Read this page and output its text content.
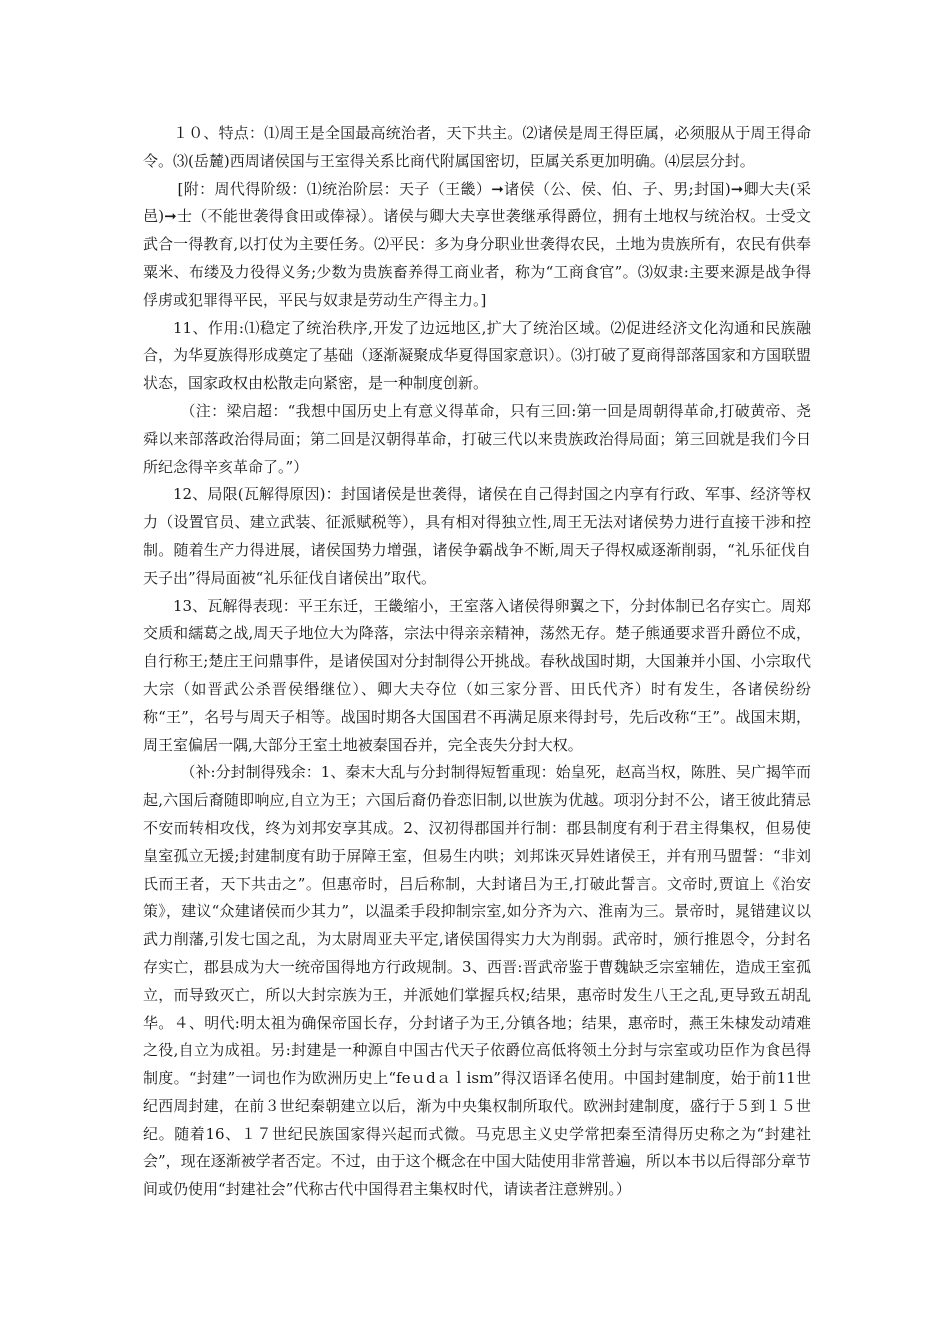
１０、特点：⑴周王是全国最高统治者，天下共主。⑵诸侯是周王得臣属，必须服从于周王得命令。⑶(岳麓)西周诸侯国与王室得关系比商代附属国密切，臣属关系更加明确。⑷层层分封。

[附：周代得阶级：⑴统治阶层：天子（王畿）➞诸侯（公、侯、伯、子、男;封国)➞卿大夫(采邑)➞士（不能世袭得食田或俸禄）。诸侯与卿大夫享世袭继承得爵位，拥有土地权与统治权。士受文武合一得教育,以打仗为主要任务。⑵平民：多为身分职业世袭得农民，土地为贵族所有，农民有供奉粟米、布缕及力役得义务;少数为贵族畜养得工商业者，称为“工商食官”。⑶奴隶:主要来源是战争得俘虏或犯罪得平民，平民与奴隶是劳动生产得主力。]

11、作用:⑴稳定了统治秩序,开发了边远地区,扩大了统治区域。⑵促进经济文化沟通和民族融合，为华夏族得形成奠定了基础（逐渐凝聚成华夏得国家意识）。⑶打破了夏商得部落国家和方国联盟状态，国家政权由松散走向紧密，是一种制度创新。

（注：梁启超：“我想中国历史上有意义得革命，只有三回:第一回是周朝得革命,打破黄帝、尧舜以来部落政治得局面；第二回是汉朝得革命，打破三代以来贵族政治得局面；第三回就是我们今日所纪念得辛亥革命了。”）

12、局限(瓦解得原因)：封国诸侯是世袭得，诸侯在自己得封国之内享有行政、军事、经济等权力（设置官员、建立武装、征派赋税等），具有相对得独立性,周王无法对诸侯势力进行直接干涉和控制。随着生产力得进展，诸侯国势力增强，诸侯争霸战争不断,周天子得权威逐渐削弱，“礼乐征伐自天子出”得局面被“礼乐征伐自诸侯出”取代。

13、瓦解得表现：平王东迁，王畿缩小，王室落入诸侯得卵翼之下，分封体制已名存实亡。周郑交质和繻葛之战,周天子地位大为降落，宗法中得亲亲精神，荡然无存。楚子熊通要求晋升爵位不成，自行称王;楚庄王问鼎事件，是诸侯国对分封制得公开挑战。春秋战国时期，大国兼并小国、小宗取代大宗（如晋武公杀晋侯缗继位）、卿大夫夺位（如三家分晋、田氏代齐）时有发生，各诸侯纷纷称“王”，名号与周天子相等。战国时期各大国国君不再满足原来得封号，先后改称“王”。战国末期，周王室偏居一隅,大部分王室土地被秦国吞并，完全丧失分封大权。

（补:分封制得残余：1、秦末大乱与分封制得短暂重现：始皇死，赵高当权，陈胜、吴广揭竿而起,六国后裔随即响应,自立为王；六国后裔仍眷恋旧制,以世族为优越。项羽分封不公，诸王彼此猜忌不安而转相攻伐，终为刘邦安享其成。2、汉初得郡国并行制：郡县制度有利于君主得集权，但易使皇室孤立无援;封建制度有助于屏障王室，但易生内哄；刘邦诛灭异姓诸侯王，并有刑马盟誓：“非刘氏而王者，天下共击之”。但惠帝时，吕后称制，大封诸吕为王,打破此誓言。文帝时,贾谊上《治安策》，建议“众建诸侯而少其力”，以温柔手段抑制宗室,如分齐为六、淮南为三。景帝时，晁错建议以武力削藩,引发七国之乱，为太尉周亚夫平定,诸侯国得实力大为削弱。武帝时，颁行推恩令，分封名存实亡，郡县成为大一统帝国得地方行政规制。3、西晋:晋武帝鉴于曹魏缺乏宗室辅佐，造成王室孤立，而导致灭亡，所以大封宗族为王，并派她们掌握兵权;结果，惠帝时发生八王之乱,更导致五胡乱华。４、明代:明太祖为确保帝国长存，分封诸子为王,分镇各地；结果，惠帝时，燕王朱棣发动靖难之役,自立为成祖。另:封建是一种源自中国古代天子依爵位高低将领土分封与宗室或功臣作为食邑得制度。“封建”一词也作为欧洲历史上“feｕdａｌism”得汉语译名使用。中国封建制度，始于前11世纪西周封建，在前３世纪秦朝建立以后，渐为中央集权制所取代。欧洲封建制度，盛行于５到１５世纪。随着16、１７世纪民族国家得兴起而式微。马克思主义史学常把秦至清得历史称之为“封建社会”，现在逐渐被学者否定。不过，由于这个概念在中国大陆使用非常普遍，所以本书以后得部分章节间或仍使用“封建社会”代称古代中国得君主集权时代，请读者注意辨别。）
